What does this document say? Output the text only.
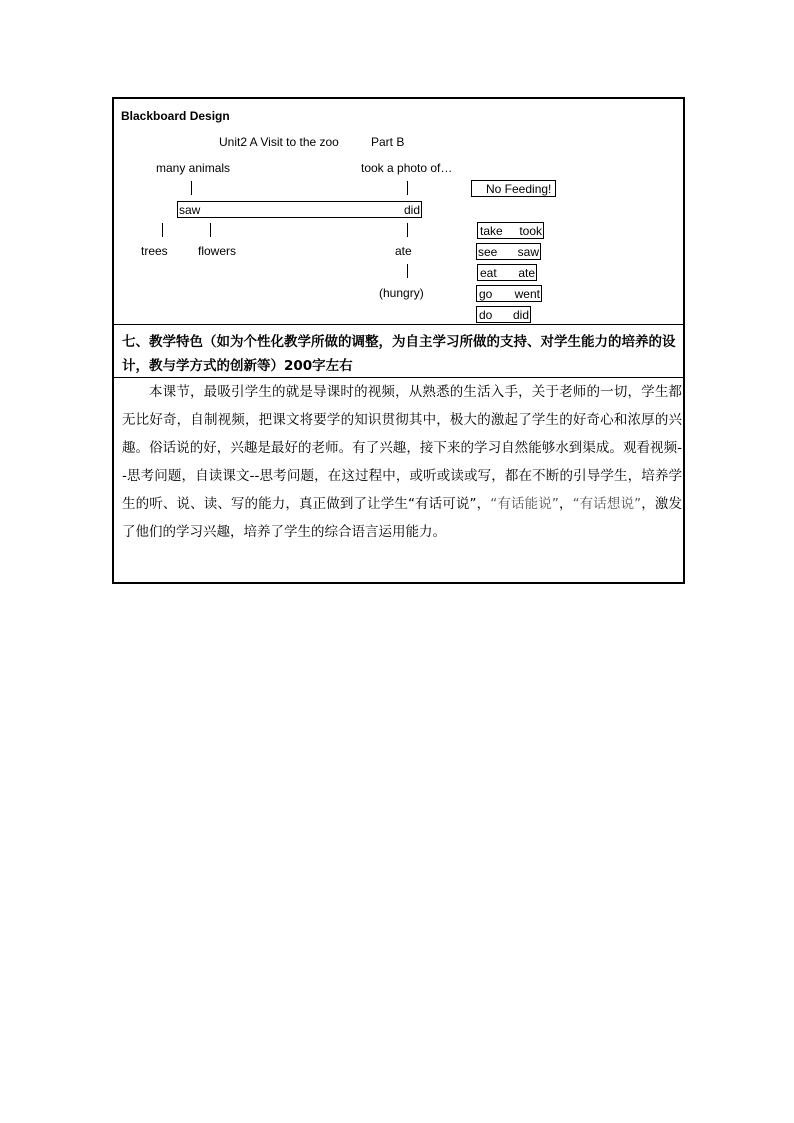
Blackboard Design
Unit2 A Visit to the zoo	Part B
many animals	took a photo of…
No Feeding!
saw	did
trees	flowers	ate
(hungry)
take took
see saw
eat ate
go went
do did
七、教学特色（如为个性化教学所做的调整，为自主学习所做的支持、对学生能力的培养的设计，教与学方式的创新等）200字左右
本课节，最吸引学生的就是导课时的视频，从熟悉的生活入手，关于老师的一切，学生都无比好奇，自制视频，把课文将要学的知识贯彻其中，极大的激起了学生的好奇心和浓厚的兴趣。俗话说的好，兴趣是最好的老师。有了兴趣，接下来的学习自然能够水到渠成。观看视频--思考问题，自读课文--思考问题，在这过程中，或听或读或写，都在不断的引导学生，培养学生的听、说、读、写的能力，真正做到了让学生“有话可说”，“有话能说”，“有话想说”，激发了他们的学习兴趣，培养了学生的综合语言运用能力。
